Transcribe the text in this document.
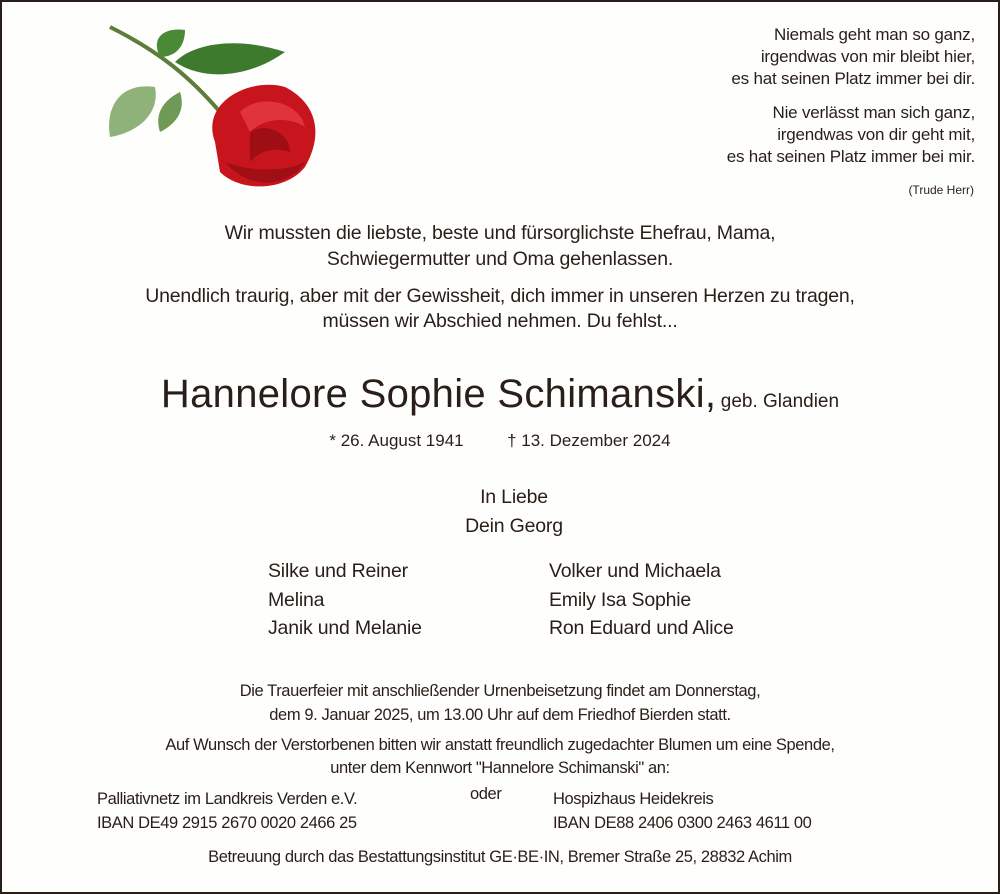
Niemals geht man so ganz,
irgendwas von mir bleibt hier,
es hat seinen Platz immer bei dir.
Nie verlässt man sich ganz,
irgendwas von dir geht mit,
es hat seinen Platz immer bei mir.
(Trude Herr)
Wir mussten die liebste, beste und fürsorglichste Ehefrau, Mama,
Schwiegermutter und Oma gehenlassen.
Unendlich traurig, aber mit der Gewissheit, dich immer in unseren Herzen zu tragen,
müssen wir Abschied nehmen. Du fehlst...
Hannelore Sophie Schimanski, geb. Glandien
* 26. August 1941	† 13. Dezember 2024
In Liebe
Dein Georg
Silke und Reiner
Melina
Janik und Melanie
Volker und Michaela
Emily Isa Sophie
Ron Eduard und Alice
Die Trauerfeier mit anschließender Urnenbeisetzung findet am Donnerstag,
dem 9. Januar 2025, um 13.00 Uhr auf dem Friedhof Bierden statt.
Auf Wunsch der Verstorbenen bitten wir anstatt freundlich zugedachter Blumen um eine Spende,
unter dem Kennwort "Hannelore Schimanski" an:
Palliativnetz im Landkreis Verden e.V.
IBAN DE49 2915 2670 0020 2466 25
oder	Hospizhaus Heidekreis
IBAN DE88 2406 0300 2463 4611 00
Betreuung durch das Bestattungsinstitut GE·BE·IN, Bremer Straße 25, 28832 Achim
